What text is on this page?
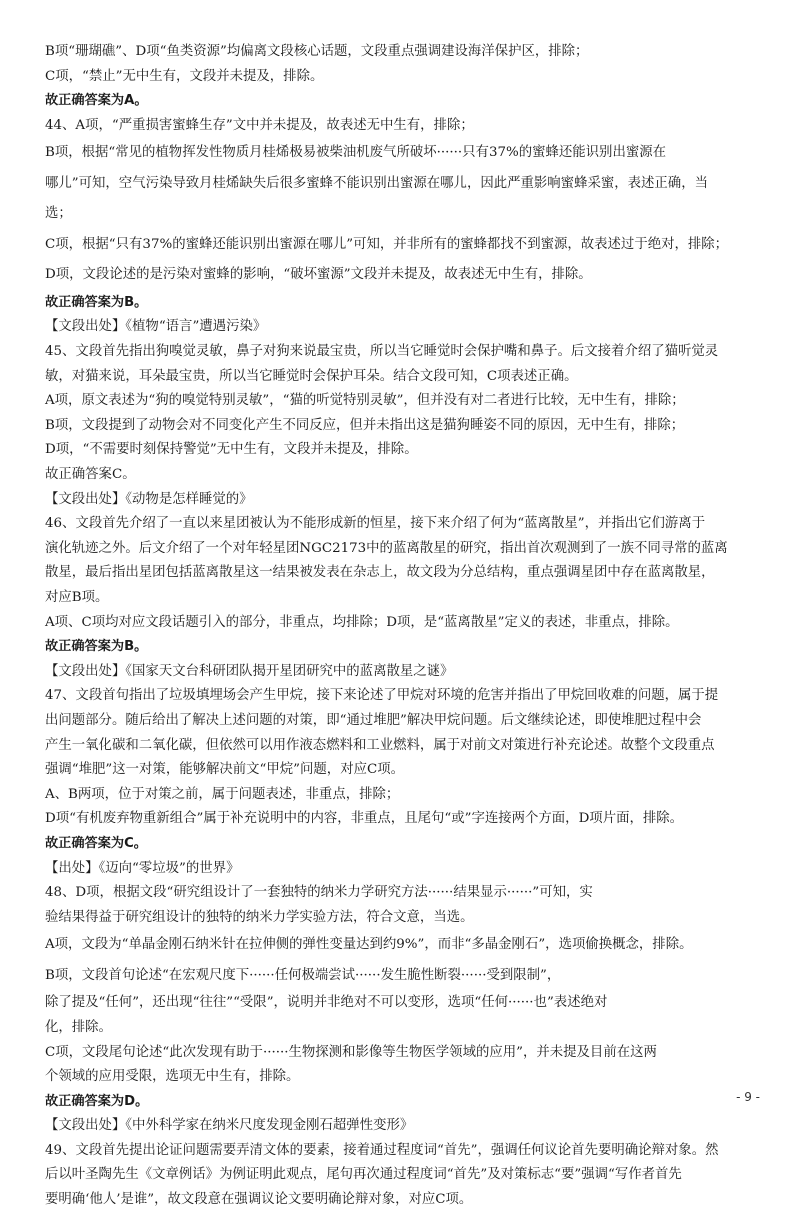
B项“珊瑚礁”、D项“鱼类资源”均偏离文段核心话题，文段重点强调建设海洋保护区，排除；

C项，“禁止”无中生有，文段并未提及，排除。

故正确答案为A。

44、A项，“严重损害蜜蜂生存”文中并未提及，故表述无中生有，排除；

B项，根据“常见的植物挥发性物质月桂烯极易被柴油机废气所破坏······只有37%的蜜蜂还能识别出蜜源在

哪儿”可知，空气污染导致月桂烯缺失后很多蜜蜂不能识别出蜜源在哪儿，因此严重影响蜜蜂采蜜，表述正确，当

选；

C项，根据“只有37%的蜜蜂还能识别出蜜源在哪儿”可知，并非所有的蜜蜂都找不到蜜源，故表述过于绝对，排除；

D项，文段论述的是污染对蜜蜂的影响，“破坏蜜源”文段并未提及，故表述无中生有，排除。

故正确答案为B。

【文段出处】《植物“语言”遭遇污染》

45、文段首先指出狗嗅觉灵敏，鼻子对狗来说最宝贵，所以当它睡觉时会保护嘴和鼻子。后文接着介绍了猫听觉灵

敏，对猫来说，耳朵最宝贵，所以当它睡觉时会保护耳朵。结合文段可知，C项表述正确。

A项，原文表述为“狗的嗅觉特别灵敏”，“猫的听觉特别灵敏”，但并没有对二者进行比较，无中生有，排除；

B项，文段提到了动物会对不同变化产生不同反应，但并未指出这是猫狗睡姿不同的原因，无中生有，排除；

D项，“不需要时刻保持警觉”无中生有，文段并未提及，排除。

故正确答案C。

【文段出处】《动物是怎样睡觉的》

46、文段首先介绍了一直以来星团被认为不能形成新的恒星，接下来介绍了何为“蓝离散星”，并指出它们游离于

演化轨迹之外。后文介绍了一个对年轻星团NGC2173中的蓝离散星的研究，指出首次观测到了一族不同寻常的蓝离

散星，最后指出星团包括蓝离散星这一结果被发表在杂志上，故文段为分总结构，重点强调星团中存在蓝离散星，

对应B项。

A项、C项均对应文段话题引入的部分，非重点，均排除；D项，是“蓝离散星”定义的表述，非重点，排除。

故正确答案为B。

【文段出处】《国家天文台科研团队揭开星团研究中的蓝离散星之谜》

47、文段首句指出了垃圾填埋场会产生甲烷，接下来论述了甲烷对环境的危害并指出了甲烷回收难的问题，属于提

出问题部分。随后给出了解决上述问题的对策，即“通过堆肥”解决甲烷问题。后文继续论述，即使堆肥过程中会

产生一氧化碳和二氧化碳，但依然可以用作液态燃料和工业燃料，属于对前文对策进行补充论述。故整个文段重点

强调“堆肥”这一对策，能够解决前文“甲烷”问题，对应C项。

A、B两项，位于对策之前，属于问题表述，非重点，排除；

D项“有机废弃物重新组合”属于补充说明中的内容，非重点，且尾句“或”字连接两个方面，D项片面，排除。

故正确答案为C。

【出处】《迈向“零垃圾”的世界》

48、D项，根据文段“研究组设计了一套独特的纳米力学研究方法······结果显示······”可知，实

验结果得益于研究组设计的独特的纳米力学实验方法，符合文意，当选。

A项，文段为“单晶金刚石纳米针在拉伸侧的弹性变量达到约9%”，而非“多晶金刚石”，选项偷换概念，排除。

B项，文段首句论述“在宏观尺度下······任何极端尝试······发生脆性断裂······受到限制”，

除了提及“任何”，还出现“往往”“受限”，说明并非绝对不可以变形，选项“任何······也”表述绝对

化，排除。

C项，文段尾句论述“此次发现有助于······生物探测和影像等生物医学领域的应用”，并未提及目前在这两

个领域的应用受限，选项无中生有，排除。

故正确答案为D。

【文段出处】《中外科学家在纳米尺度发现金刚石超弹性变形》

49、文段首先提出论证问题需要弄清文体的要素，接着通过程度词“首先”，强调任何议论首先要明确论辩对象。然

后以叶圣陶先生《文章例话》为例证明此观点，尾句再次通过程度词“首先”及对策标志“要”强调“写作者首先

要明确‘他人’是谁”，故文段意在强调议论文要明确论辩对象，对应C项。

- 9 -
